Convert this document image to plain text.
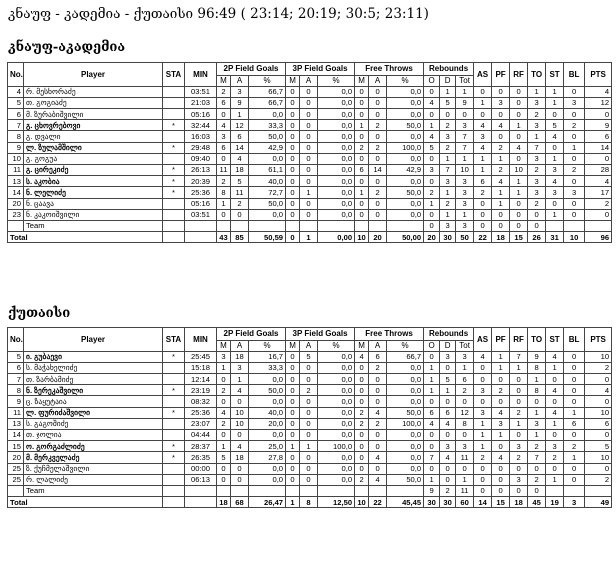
კნაუფ - კადემია - ქუთაისი 96:49 ( 23:14; 20:19; 30:5; 23:11)
კნაუფ-აკადემია
No.	Player	STA	MIN	2P Field Goals			3P Field Goals			Free Throws			Rebounds			AS	PF	RF	TO	ST	BL	PTS
				M	A	%	M	A	%	M	A	%	O	D	Tot							
4	რ. მესხორაძე		03:51	2	3	66,7	0	0	0,0	0	0	0,0	0	1	1	0	0	0	1	1	0	4
5	თ. გოგიაძე		21:03	6	9	66,7	0	0	0,0	0	0	0,0	4	5	9	1	3	0	3	1	3	12
6	მ. ზურაბიშვილი		05:16	0	1	0,0	0	0	0,0	0	0	0,0	0	0	0	0	0	0	2	0	0	0
7	გ. ცხოვრებოვი	*	32:44	4	12	33,3	0	0	0,0	1	2	50,0	1	2	3	4	4	1	3	5	2	9
8	გ. დვალი		16:03	3	6	50,0	0	0	0,0	0	0	0,0	4	3	7	3	0	0	1	4	0	6
9	ლ. ზულამშილი	*	29:48	6	14	42,9	0	0	0,0	2	2	100,0	5	2	7	4	2	4	7	0	1	14
10	გ. გოგუა		09:40	0	4	0,0	0	0	0,0	0	0	0,0	0	1	1	1	1	0	3	1	0	0
11	გ. ცირეკიძე	*	26:13	11	18	61,1	0	0	0,0	6	14	42,9	3	7	10	1	2	10	2	3	2	28
13	ს. აკობია	*	20:39	2	5	40,0	0	0	0,0	0	0	0,0	0	3	3	6	4	1	3	4	0	4
14	ნ. ლელიძე	*	25:36	8	11	72,7	0	1	0,0	1	2	50,0	2	1	3	2	1	1	3	3	3	17
20	ნ. ცაავა		05:16	1	2	50,0	0	0	0,0	0	0	0,0	1	2	3	0	1	0	2	0	0	2
23	ნ. კაკოიშვილი		03:51	0	0	0,0	0	0	0,0	0	0	0,0	0	1	1	0	0	0	0	1	0	0
	Team												0	3	3	0	0	0	0			
Total				43	85	50,59	0	1	0,00	10	20	50,00	20	30	50	22	18	15	26	31	10	96
ქუთაისი
No.	Player	STA	MIN	2P Field Goals			3P Field Goals			Free Throws			Rebounds			AS	PF	RF	TO	ST	BL	PTS
				M	A	%	M	A	%	M	A	%	O	D	Tot							
5	ი. გუბაევი	*	25:45	3	18	16,7	0	5	0,0	4	6	66,7	0	3	3	4	1	7	9	4	0	10
6	ს. მაჭახელიძე		15:18	1	3	33,3	0	0	0,0	0	2	0,0	1	0	1	0	1	1	8	1	0	2
7	თ. ზარბამიძე		12:14	0	1	0,0	0	0	0,0	0	0	0,0	1	5	6	0	0	0	1	0	0	0
8	ნ. ზერეკაშვილი	*	23:19	2	4	50,0	0	2	0,0	0	0	0,0	1	1	2	3	2	0	8	4	0	4
9	ც. ზაყუტაია		08:32	0	0	0,0	0	0	0,0	0	0	0,0	0	0	0	0	0	0	0	0	0	0
11	ლ. ფურიძაშვილი	*	25:36	4	10	40,0	0	0	0,0	2	4	50,0	6	6	12	3	4	2	1	4	1	10
13	ს. გაგოშიძე		23:07	2	10	20,0	0	0	0,0	2	2	100,0	4	4	8	1	3	1	3	1	6	6
14	თ. ჯოლია		04:44	0	0	0,0	0	0	0,0	0	0	0,0	0	0	0	1	1	0	1	0	0	0
15	ო. გორგაძლიძე	*	28:37	1	4	25,0	1	1	100,0	0	0	0,0	0	3	3	1	0	3	2	3	2	5
20	მ. მერკველაძე	*	26:35	5	18	27,8	0	0	0,0	0	4	0,0	7	4	11	2	4	2	7	2	1	10
25	ზ. ქუჩმელაშვილი		00:00	0	0	0,0	0	0	0,0	0	0	0,0	0	0	0	0	0	0	0	0	0	0
25	რ. ლალიძე		06:13	0	0	0,0	0	0	0,0	2	4	50,0	1	0	1	0	0	3	2	1	0	2
	Team												9	2	11	0	0	0	0			
Total				18	68	26,47	1	8	12,50	10	22	45,45	30	30	60	14	15	18	45	19	3	49
